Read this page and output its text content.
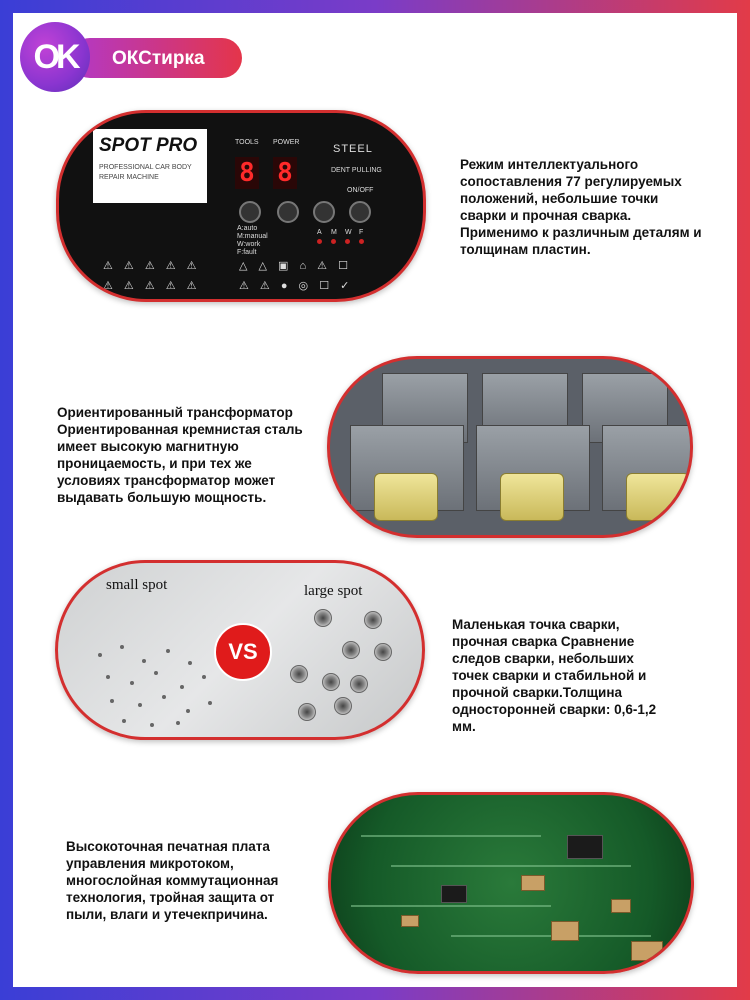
OK	ОКСтирка
SPOT PRO
PROFESSIONAL CAR BODY
REPAIR MACHINE
TOOLS POWER
8 8
STEEL
DENT PULLING
ON/OFF
A:auto
M:manual
W:work
F:fault
A M W F
⚠ ⚠ ⚠ ⚠ ⚠	△ △ ▣ ⌂ ⚠ ☐
⚠ ⚠ ⚠ ⚠ ⚠	⚠ ⚠ ● ◎ ☐ ✓

Режим интеллектуального

сопоставления 77 регулируемых

положений, небольшие точки

сварки и прочная сварка.

Применимо к различным деталям и

толщинам пластин.

Ориентированный трансформатор

Ориентированная кремнистая сталь

имеет высокую магнитную

проницаемость, и при тех же

условиях трансформатор может

выдавать большую мощность.

small spot	large spot
VS

Маленькая точка сварки,

прочная сварка Сравнение

следов сварки, небольших

точек сварки и стабильной и

прочной сварки.Толщина

односторонней сварки: 0,6-1,2

мм.

Высокоточная печатная плата

управления микротоком,

многослойная коммутационная

технология, тройная защита от

пыли, влаги и утечекпричина.
